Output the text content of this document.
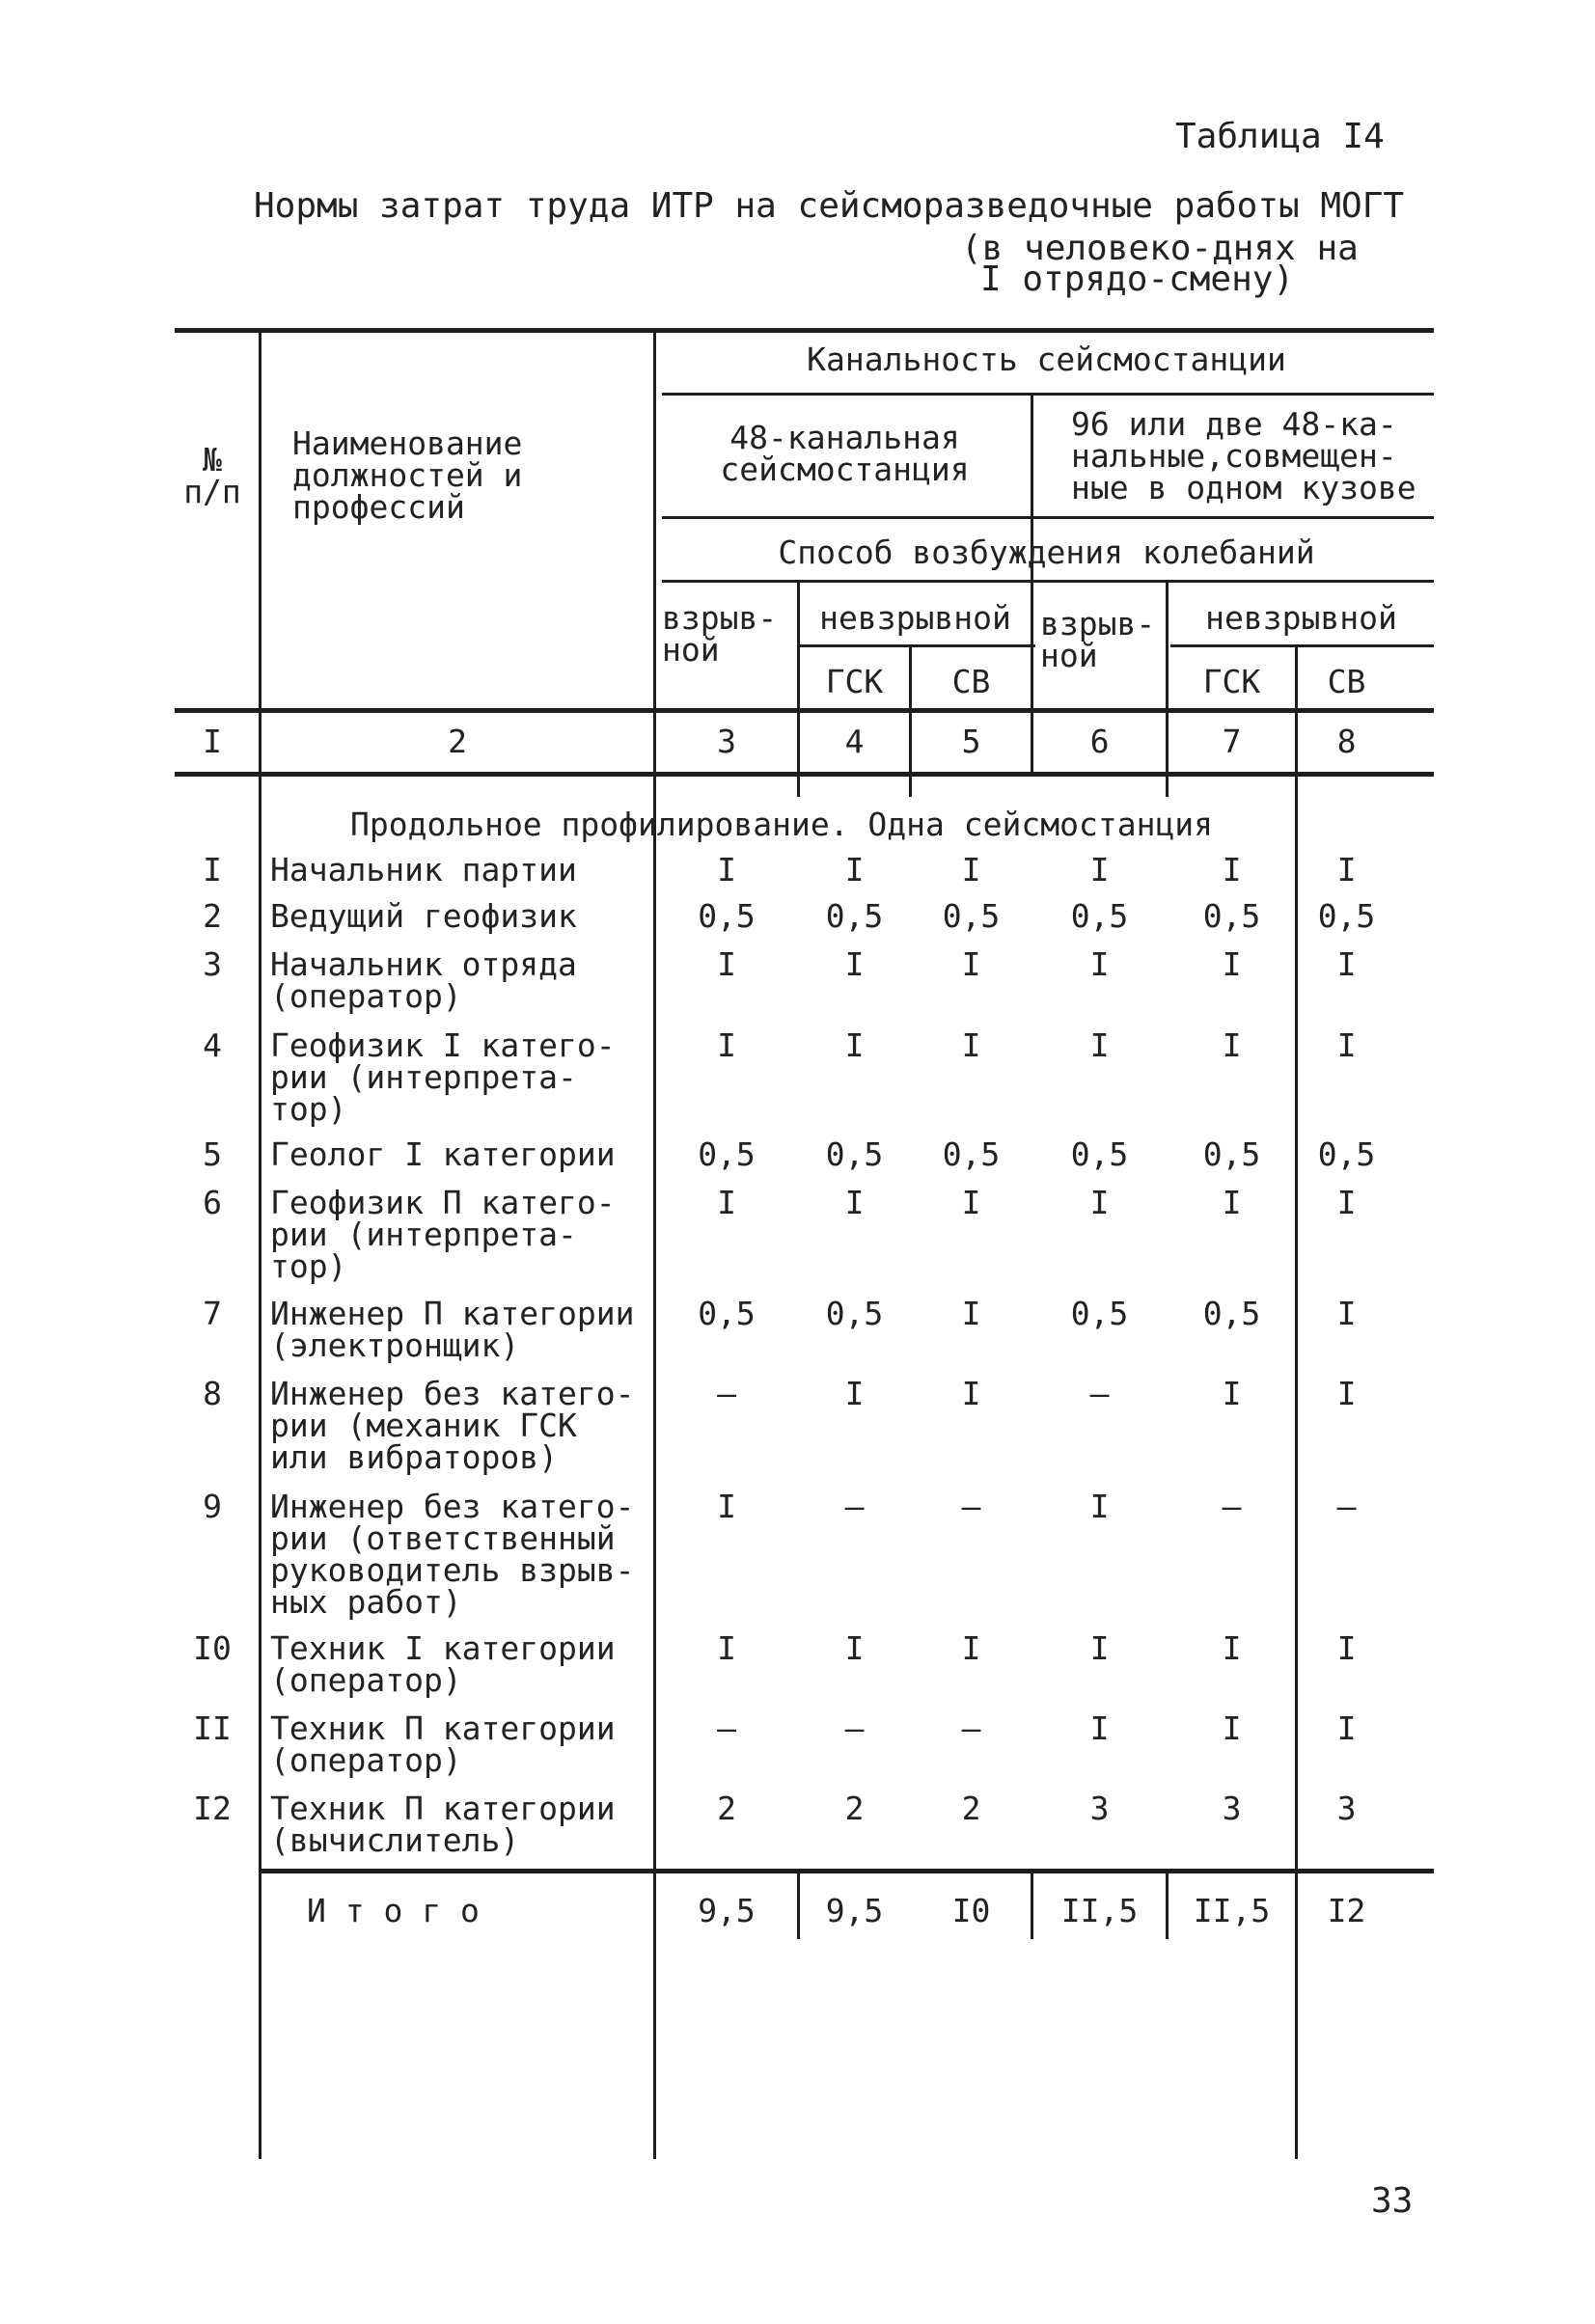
Таблица I4
Нормы затрат труда ИТР на сейсморазведочные работы МОГТ
(в человеко-днях на
I отрядо-смену)
№
п/п
Наименование
должностей и
профессий
Канальность сейсмостанции
48-канальная
сейсмостанция
96 или две 48-ка-
нальные,совмещен-
ные в одном кузове
Способ возбуждения колебаний
взрыв-
ной
невзрывной
ГСК	СВ
взрыв-
ной
невзрывной
ГСК	СВ
I	2	3	4	5	6	7	8
Продольное профилирование. Одна сейсмостанция
I	Начальник партии	I	I	I	I	I	I
2	Ведущий геофизик	0,5	0,5	0,5	0,5	0,5	0,5
3	Начальник отряда
(оператор)
I	I	I	I	I	I
4	Геофизик I катего-
рии (интерпрета-
тор)
I	I	I	I	I	I
5	Геолог I категории	0,5	0,5	0,5	0,5	0,5	0,5
6	Геофизик П катего-
рии (интерпрета-
тор)
I	I	I	I	I	I
7	Инженер П категории
(электронщик)
0,5	0,5	I	0,5	0,5	I
8	Инженер без катего-
рии (механик ГСК
или вибраторов)
–	I	I	–	I	I
9	Инженер без катего-
рии (ответственный
руководитель взрыв-
ных работ)
I	–	–	I	–	–
I0	Техник I категории
(оператор)
I	I	I	I	I	I
II	Техник П категории
(оператор)
–	–	–	I	I	I
I2	Техник П категории
(вычислитель)
2	2	2	3	3	3
И т о г о	9,5	9,5	I0	II,5	II,5	I2
33
